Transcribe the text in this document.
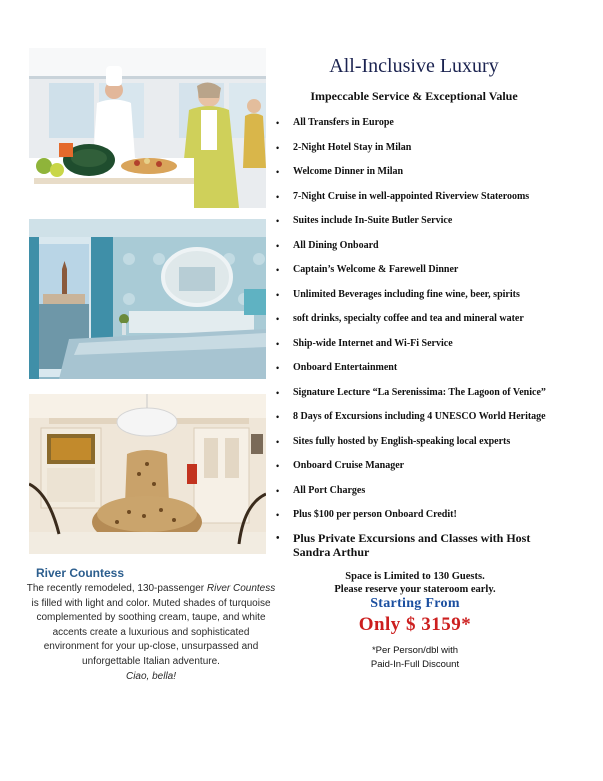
All-Inclusive Luxury
Impeccable Service & Exceptional Value
• All Transfers in Europe
• 2-Night Hotel Stay in Milan
• Welcome Dinner in Milan
• 7-Night Cruise in well-appointed Riverview Staterooms
• Suites include In-Suite Butler Service
• All Dining Onboard
• Captain’s Welcome & Farewell Dinner
• Unlimited Beverages including fine wine, beer, spirits
• soft drinks, specialty coffee and tea and mineral water
• Ship-wide Internet and Wi-Fi Service
• Onboard Entertainment
• Signature Lecture “La Serenissima: The Lagoon of Venice”
• 8 Days of Excursions including 4 UNESCO World Heritage
• Sites fully hosted by English-speaking local experts
• Onboard Cruise Manager
• All Port Charges
• Plus $100 per person Onboard Credit!
• Plus Private Excursions and Classes with Host
Sandra Arthur
Space is Limited to 130 Guests.
Please reserve your stateroom early.
Starting From
Only $ 3159*
*Per Person/dbl with
Paid-In-Full Discount
River Countess
The recently remodeled, 130-passenger River Countess is filled with light and color. Muted shades of turquoise complemented by soothing cream, taupe, and white accents create a luxurious and sophisticated environment for your up-close, unsurpassed and unforgettable Italian adventure.
Ciao, bella!
